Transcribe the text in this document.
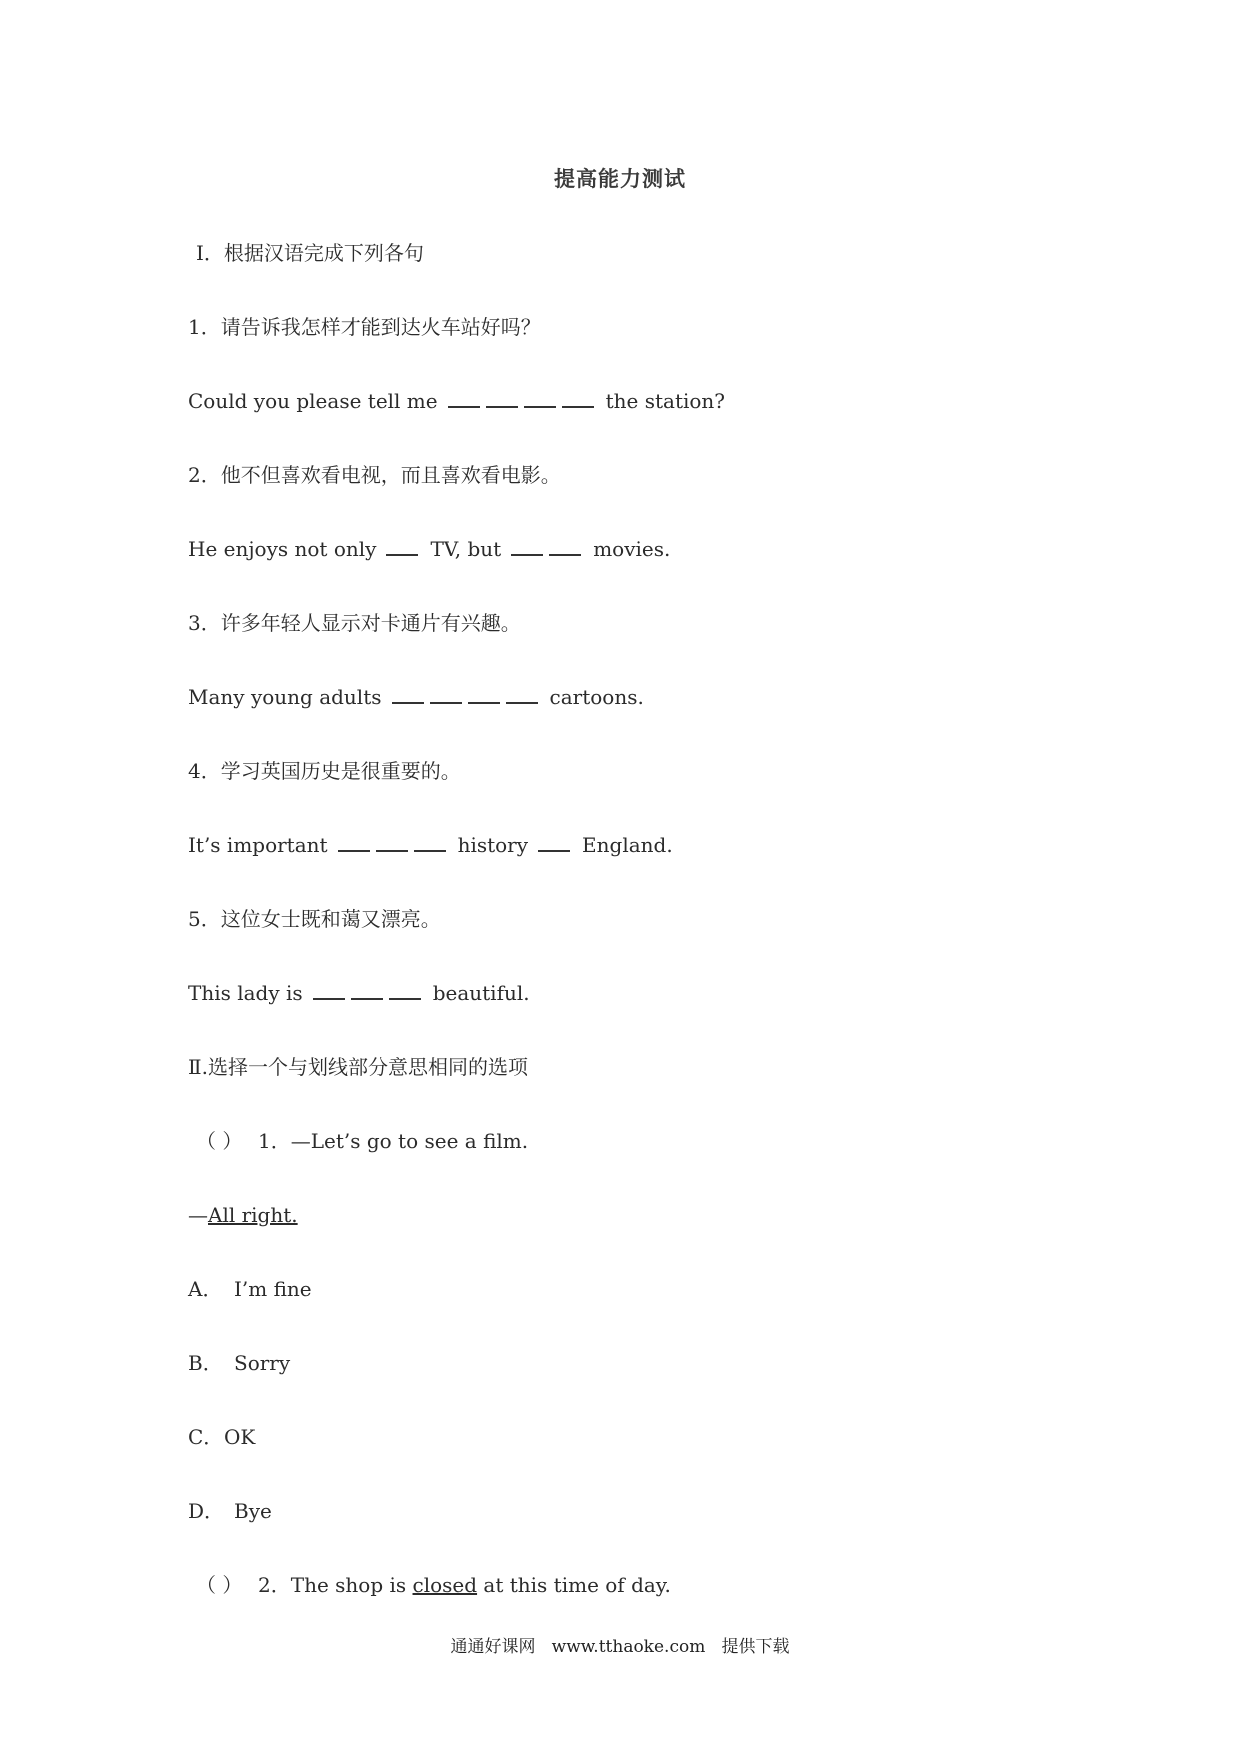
提高能力测试
Ⅰ．根据汉语完成下列各句
1．请告诉我怎样才能到达火车站好吗？
Could you please tell me	the station?
2．他不但喜欢看电视，而且喜欢看电影。
He enjoys not only	TV, but	movies.
3．许多年轻人显示对卡通片有兴趣。
Many young adults	cartoons.
4．学习英国历史是很重要的。
It’s important	history	England.
5．这位女士既和蔼又漂亮。
This lady is	beautiful.
Ⅱ.选择一个与划线部分意思相同的选项
（ ） 1．—Let’s go to see a film.
—All right.
A． I’m fine
B． Sorry
C．OK
D． Bye
（ ） 2．The shop is closed at this time of day.
通通好课网   www.tthaoke.com   提供下载
